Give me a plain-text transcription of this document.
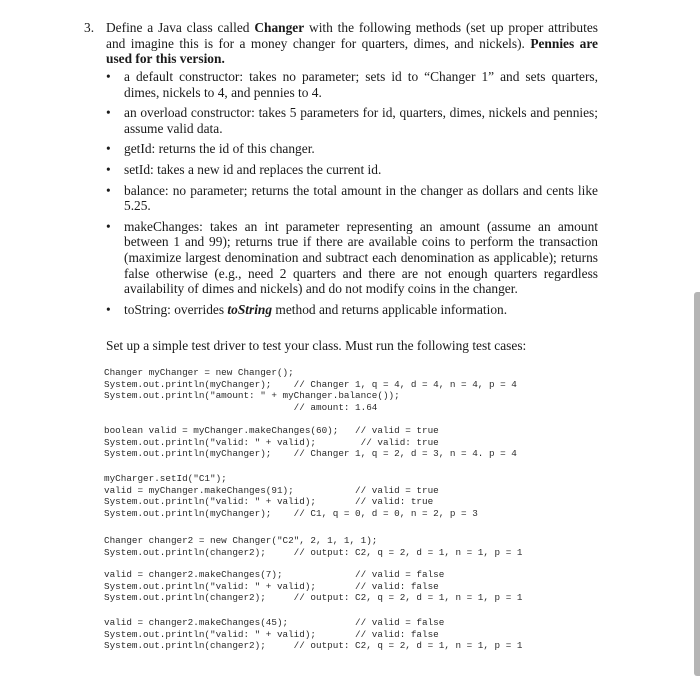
3. Define a Java class called Changer with the following methods (set up proper attributes and imagine this is for a money changer for quarters, dimes, and nickels). Pennies are used for this version.

• a default constructor: takes no parameter; sets id to “Changer 1” and sets quarters, dimes, nickels to 4, and pennies to 4.
• an overload constructor: takes 5 parameters for id, quarters, dimes, nickels and pennies; assume valid data.
• getId: returns the id of this changer.
• setId: takes a new id and replaces the current id.
• balance: no parameter; returns the total amount in the changer as dollars and cents like 5.25.
• makeChanges: takes an int parameter representing an amount (assume an amount between 1 and 99); returns true if there are available coins to perform the transaction (maximize largest denomination and subtract each denomination as applicable); returns false otherwise (e.g., need 2 quarters and there are not enough quarters regardless availability of dimes and nickels) and do not modify coins in the changer.
• toString: overrides toString method and returns applicable information.
Set up a simple test driver to test your class. Must run the following test cases:
Changer myChanger = new Changer();
System.out.println(myChanger);    // Changer 1, q = 4, d = 4, n = 4, p = 4
System.out.println("amount: " + myChanger.balance());
// amount: 1.64
boolean valid = myChanger.makeChanges(60);   // valid = true
System.out.println("valid: " + valid);        // valid: true
System.out.println(myChanger);    // Changer 1, q = 2, d = 3, n = 4. p = 4
myCharger.setId("C1");
valid = myChanger.makeChanges(91);           // valid = true
System.out.println("valid: " + valid);       // valid: true
System.out.println(myChanger);    // C1, q = 0, d = 0, n = 2, p = 3
Changer changer2 = new Changer("C2", 2, 1, 1, 1);
System.out.println(changer2);     // output: C2, q = 2, d = 1, n = 1, p = 1
valid = changer2.makeChanges(7);             // valid = false
System.out.println("valid: " + valid);       // valid: false
System.out.println(changer2);     // output: C2, q = 2, d = 1, n = 1, p = 1
valid = changer2.makeChanges(45);            // valid = false
System.out.println("valid: " + valid);       // valid: false
System.out.println(changer2);     // output: C2, q = 2, d = 1, n = 1, p = 1
